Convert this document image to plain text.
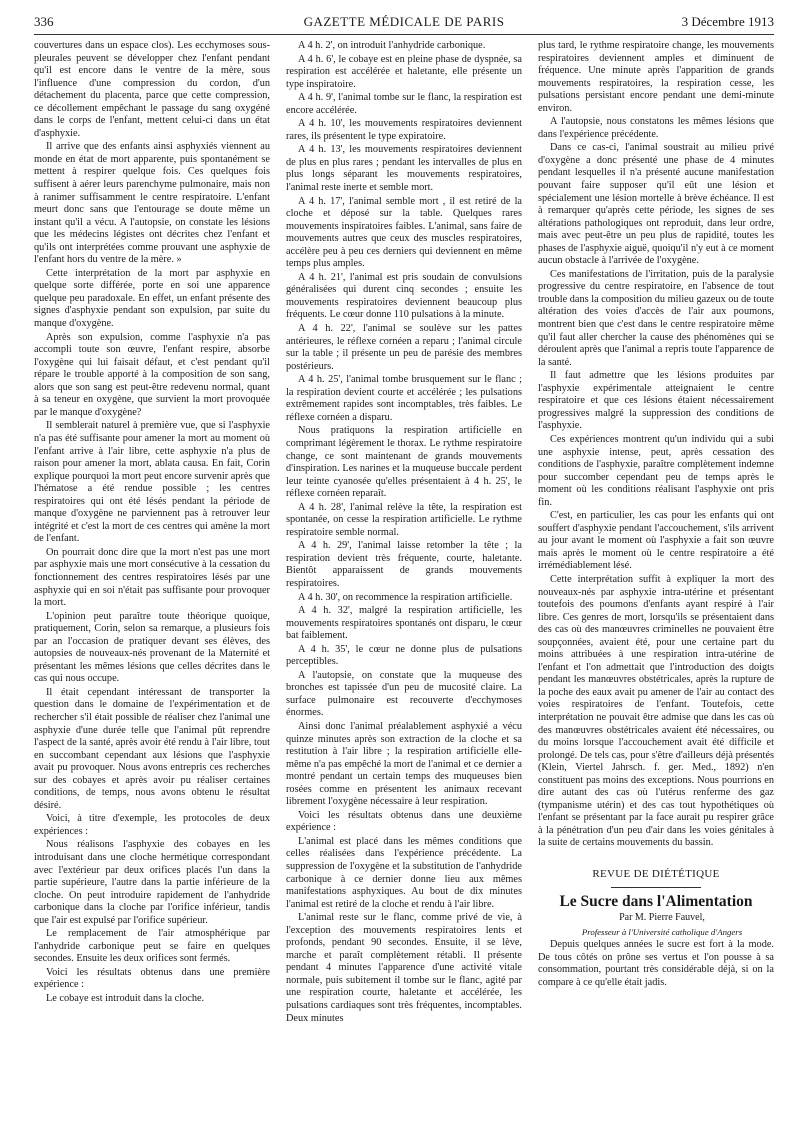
GAZETTE MÉDICALE DE PARIS
336	3 Décembre 1913

couvertures dans un espace clos). Les ecchymoses sous-pleurales peuvent se développer chez l'enfant pendant qu'il est encore dans le ventre de la mère, sous l'influence d'une compression du cordon, d'un détachement du placenta, parce que cette compression, ce décollement empêchant le passage du sang oxygéné dans le corps de l'enfant, mettent celui-ci dans un état d'asphyxie.

Il arrive que des enfants ainsi asphyxiés viennent au monde en état de mort apparente, puis spontanément se mettent à respirer quelque fois. Ces quelques fois suffisent à aérer leurs parenchyme pulmonaire, mais non à ranimer suffisamment le centre respiratoire. L'enfant meurt donc sans que l'entourage se doute même un instant qu'il a vécu. A l'autopsie, on constate les lésions que les médecins légistes ont décrites chez l'enfant et qu'ils ont interprétées comme prouvant une asphyxie de l'enfant hors du ventre de la mère. »

Cette interprétation de la mort par asphyxie en quelque sorte différée, porte en soi une apparence quelque peu paradoxale. En effet, un enfant présente des signes d'asphyxie pendant son expulsion, par suite du manque d'oxygène.

Après son expulsion, comme l'asphyxie n'a pas accompli toute son œuvre, l'enfant respire, absorbe l'oxygène qui lui faisait défaut, et c'est pendant qu'il répare le trouble apporté à la composition de son sang, alors que son sang est peut-être redevenu normal, quant à sa teneur en oxygène, que survient la mort provoquée par le manque d'oxygène?

Il semblerait naturel à première vue, que si l'asphyxie n'a pas été suffisante pour amener la mort au moment où l'enfant arrive à l'air libre, cette asphyxie n'a plus de raison pour amener la mort, ablata causa. En fait, Corin explique pourquoi la mort peut encore survenir après que l'hématose a été rendue possible ; les centres respiratoires qui ont été lésés pendant la période de manque d'oxygène ne parviennent pas à retrouver leur intégrité et c'est la mort de ces centres qui amène la mort de l'enfant.

On pourrait donc dire que la mort n'est pas une mort par asphyxie mais une mort consécutive à la cessation du fonctionnement des centres respiratoires lésés par une asphyxie qui en soi n'était pas suffisante pour provoquer la mort.

L'opinion peut paraître toute théorique quoique, pratiquement, Corin, selon sa remarque, a plusieurs fois par an l'occasion de pratiquer devant ses élèves, des autopsies de nouveaux-nés provenant de la Maternité et présentant les mêmes lésions que celles décrites dans le cas qui nous occupe.

Il était cependant intéressant de transporter la question dans le domaine de l'expérimentation et de rechercher s'il était possible de réaliser chez l'animal une asphyxie d'une durée telle que l'animal pût reprendre l'aspect de la santé, après avoir été rendu à l'air libre, tout en succombant cependant aux lésions que l'asphyxie avait pu provoquer. Nous avons entrepris ces recherches sur des cobayes et après avoir pu réaliser certaines conditions, de temps, nous avons obtenu le résultat désiré.

Voici, à titre d'exemple, les protocoles de deux expériences :

Nous réalisons l'asphyxie des cobayes en les introduisant dans une cloche hermétique correspondant avec l'extérieur par deux orifices placés l'un dans la partie supérieure, l'autre dans la partie inférieure de la cloche. On peut introduire rapidement de l'anhydride carbonique dans la cloche par l'orifice inférieur, tandis que l'air est expulsé par l'orifice supérieur.

Le remplacement de l'air atmosphérique par l'anhydride carbonique peut se faire en quelques secondes. Ensuite les deux orifices sont fermés.

Voici les résultats obtenus dans une première expérience :

Le cobaye est introduit dans la cloche.

A 4 h. 2', on introduit l'anhydride carbonique.

A 4 h. 6', le cobaye est en pleine phase de dyspnée, sa respiration est accélérée et haletante, elle présente un type inspiratoire.

A 4 h. 9', l'animal tombe sur le flanc, la respiration est encore accélérée.

A 4 h. 10', les mouvements respiratoires deviennent rares, ils présentent le type expiratoire.

A 4 h. 13', les mouvements respiratoires deviennent de plus en plus rares ; pendant les intervalles de plus en plus longs séparant les mouvements respiratoires, l'animal reste inerte et semble mort.

A 4 h. 17', l'animal semble mort , il est retiré de la cloche et déposé sur la table. Quelques rares mouvements inspiratoires faibles. L'animal, sans faire de mouvements autres que ceux des muscles respiratoires, accélère peu à peu ces derniers qui deviennent en même temps plus amples.

A 4 h. 21', l'animal est pris soudain de convulsions généralisées qui durent cinq secondes ; ensuite les mouvements respiratoires deviennent beaucoup plus fréquents. Le cœur donne 110 pulsations à la minute.

A 4 h. 22', l'animal se soulève sur les pattes antérieures, le réflexe cornéen a reparu ; l'animal circule sur la table ; il présente un peu de parésie des membres postérieurs.

A 4 h. 25', l'animal tombe brusquement sur le flanc ; la respiration devient courte et accélérée ; les pulsations extrêmement rapides sont incomptables, très faibles. Le réflexe cornéen a disparu.

Nous pratiquons la respiration artificielle en comprimant légèrement le thorax. Le rythme respiratoire change, ce sont maintenant de grands mouvements d'inspiration. Les narines et la muqueuse buccale perdent leur teinte cyanosée qu'elles présentaient à 4 h. 25', le réflexe cornéen reparaît.

A 4 h. 28', l'animal relève la tête, la respiration est spontanée, on cesse la respiration artificielle. Le rythme respiratoire semble normal.

A 4 h. 29', l'animal laisse retomber la tête ; la respiration devient très fréquente, courte, haletante. Bientôt apparaissent de grands mouvements respiratoires.

A 4 h. 30', on recommence la respiration artificielle.

A 4 h. 32', malgré la respiration artificielle, les mouvements respiratoires spontanés ont disparu, le cœur bat faiblement.

A 4 h. 35', le cœur ne donne plus de pulsations perceptibles.

A l'autopsie, on constate que la muqueuse des bronches est tapissée d'un peu de mucosité claire. La surface pulmonaire est recouverte d'ecchymoses énormes.

Ainsi donc l'animal préalablement asphyxié a vécu quinze minutes après son extraction de la cloche et sa restitution à l'air libre ; la respiration artificielle elle-même n'a pas empêché la mort de l'animal et ce dernier a montré pendant un certain temps des muqueuses bien rosées comme en présentent les animaux recevant librement l'oxygène nécessaire à leur respiration.

Voici les résultats obtenus dans une deuxième expérience :

L'animal est placé dans les mêmes conditions que celles réalisées dans l'expérience précédente. La suppression de l'oxygène et la substitution de l'anhydride carbonique à ce dernier donne lieu aux mêmes manifestations asphyxiques. Au bout de dix minutes l'animal est retiré de la cloche et rendu à l'air libre.

L'animal reste sur le flanc, comme privé de vie, à l'exception des mouvements respiratoires lents et profonds, pendant 90 secondes. Ensuite, il se lève, marche et paraît complètement rétabli. Il présente pendant 4 minutes l'apparence d'une activité vitale normale, puis subitement il tombe sur le flanc, agité par une respiration courte, haletante et accélérée, les pulsations cardiaques sont très fréquentes, incomptables. Deux minutes

plus tard, le rythme respiratoire change, les mouvements respiratoires deviennent amples et diminuent de fréquence. Une minute après l'apparition de grands mouvements respiratoires, la respiration cesse, les pulsations persistant encore pendant une demi-minute environ.

A l'autopsie, nous constatons les mêmes lésions que dans l'expérience précédente.

Dans ce cas-ci, l'animal soustrait au milieu privé d'oxygène a donc présenté une phase de 4 minutes pendant lesquelles il n'a présenté aucune manifestation pouvant faire supposer qu'il eût une lésion et spécialement une lésion mortelle à brève échéance. Il est à remarquer qu'après cette période, les signes de ses altérations pathologiques ont reproduit, dans leur ordre, mais avec peut-être un peu plus de rapidité, toutes les phases de l'asphyxie aiguë, quoiqu'il n'y eut à ce moment aucun obstacle à l'arrivée de l'oxygène.

Ces manifestations de l'irritation, puis de la paralysie progressive du centre respiratoire, en l'absence de tout trouble dans la composition du milieu gazeux ou de toute altération des voies d'accès de l'air aux poumons, montrent bien que c'est dans le centre respiratoire même qu'il faut aller chercher la cause des phénomènes qui se déroulent après que l'animal a repris toute l'apparence de la santé.

Il faut admettre que les lésions produites par l'asphyxie expérimentale atteignaient le centre respiratoire et que ces lésions étaient nécessairement progressives malgré la suppression des conditions de l'asphyxie.

Ces expériences montrent qu'un individu qui a subi une asphyxie intense, peut, après cessation des conditions de l'asphyxie, paraître complètement indemne pour succomber cependant peu de temps après le moment où les conditions réalisant l'asphyxie ont pris fin.

C'est, en particulier, les cas pour les enfants qui ont souffert d'asphyxie pendant l'accouchement, s'ils arrivent au jour avant le moment où l'asphyxie a fait son œuvre mais après le moment où le centre respiratoire a été irrémédiablement lésé.

Cette interprétation suffit à expliquer la mort des nouveaux-nés par asphyxie intra-utérine et présentant toutefois des poumons d'enfants ayant respiré à l'air libre. Ces genres de mort, lorsqu'ils se présentaient dans des cas où des manœuvres criminelles ne pouvaient être soupçonnées, avaient été, pour une certaine part du moins attribuées à une respiration intra-utérine de l'enfant et l'on admettait que l'introduction des doigts pendant les manœuvres obstétricales, après la rupture de la poche des eaux avait pu amener de l'air au contact des voies respiratoires de l'enfant. Toutefois, cette interprétation ne pouvait être admise que dans les cas où des manœuvres obstétricales avaient été nécessaires, ou du moins lorsque l'accouchement avait été difficile et prolongé. De tels cas, pour s'être d'ailleurs déjà présentés (Klein, Viertel Jahrsch. f. ger. Med., 1892) n'en constituent pas moins des exceptions. Nous pourrions en dire autant des cas où l'utérus renferme des gaz (tympanisme utérin) et des cas tout hypothétiques où l'enfant se présentant par la face aurait pu respirer grâce à la pénétration d'un peu d'air dans les voies génitales à la suite de certains mouvements du bassin.

REVUE DE DIÉTÉTIQUE
Le Sucre dans l'Alimentation

Par M. Pierre Fauvel,

Professeur à l'Université catholique d'Angers

Depuis quelques années le sucre est fort à la mode. De tous côtés on prône ses vertus et l'on pousse à sa consommation, pourtant très considérable déjà, si on la compare à ce qu'elle était jadis.
